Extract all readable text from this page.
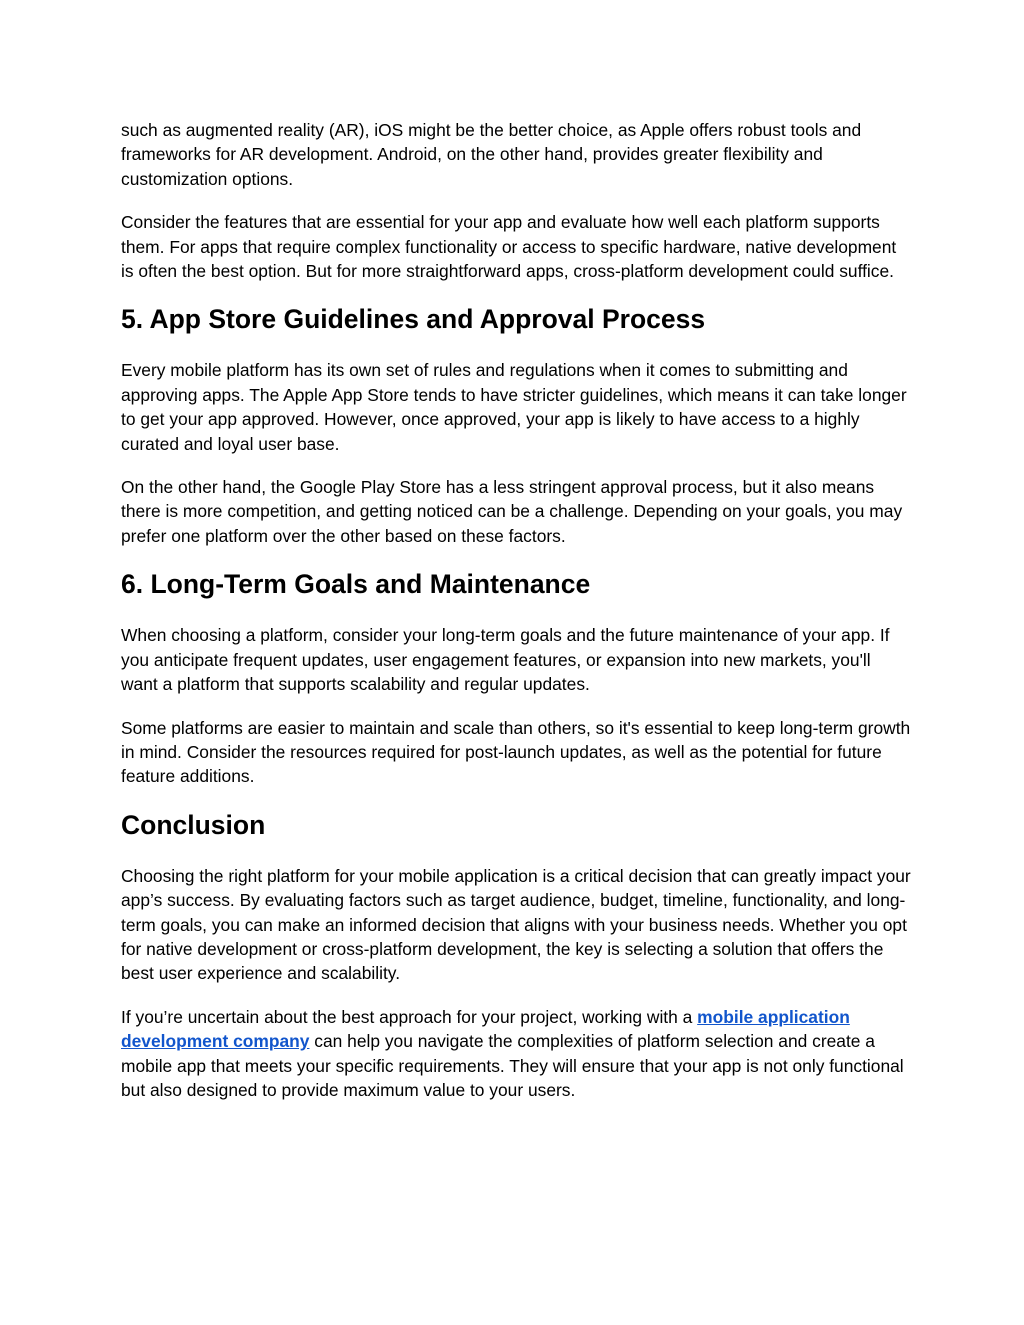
such as augmented reality (AR), iOS might be the better choice, as Apple offers robust tools and frameworks for AR development. Android, on the other hand, provides greater flexibility and customization options.

Consider the features that are essential for your app and evaluate how well each platform supports them. For apps that require complex functionality or access to specific hardware, native development is often the best option. But for more straightforward apps, cross-platform development could suffice.

5. App Store Guidelines and Approval Process

Every mobile platform has its own set of rules and regulations when it comes to submitting and approving apps. The Apple App Store tends to have stricter guidelines, which means it can take longer to get your app approved. However, once approved, your app is likely to have access to a highly curated and loyal user base.

On the other hand, the Google Play Store has a less stringent approval process, but it also means there is more competition, and getting noticed can be a challenge. Depending on your goals, you may prefer one platform over the other based on these factors.

6. Long-Term Goals and Maintenance

When choosing a platform, consider your long-term goals and the future maintenance of your app. If you anticipate frequent updates, user engagement features, or expansion into new markets, you'll want a platform that supports scalability and regular updates.

Some platforms are easier to maintain and scale than others, so it's essential to keep long-term growth in mind. Consider the resources required for post-launch updates, as well as the potential for future feature additions.

Conclusion

Choosing the right platform for your mobile application is a critical decision that can greatly impact your app’s success. By evaluating factors such as target audience, budget, timeline, functionality, and long-term goals, you can make an informed decision that aligns with your business needs. Whether you opt for native development or cross-platform development, the key is selecting a solution that offers the best user experience and scalability.

If you’re uncertain about the best approach for your project, working with a mobile application development company can help you navigate the complexities of platform selection and create a mobile app that meets your specific requirements. They will ensure that your app is not only functional but also designed to provide maximum value to your users.
